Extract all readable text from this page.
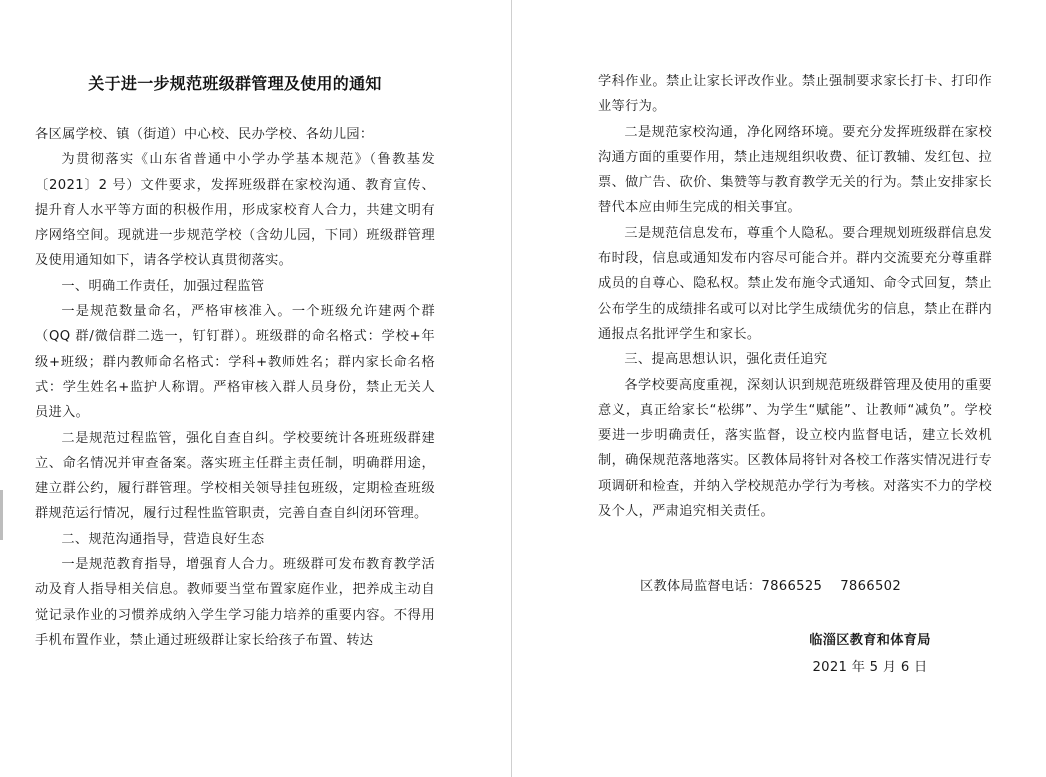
关于进一步规范班级群管理及使用的通知

各区属学校、镇（街道）中心校、民办学校、各幼儿园：

为贯彻落实《山东省普通中小学办学基本规范》（鲁教基发〔2021〕2 号）文件要求，发挥班级群在家校沟通、教育宣传、提升育人水平等方面的积极作用，形成家校育人合力，共建文明有序网络空间。现就进一步规范学校（含幼儿园，下同）班级群管理及使用通知如下，请各学校认真贯彻落实。

一、明确工作责任，加强过程监管

一是规范数量命名，严格审核准入。一个班级允许建两个群（QQ 群/微信群二选一，钉钉群）。班级群的命名格式：学校+年级+班级；群内教师命名格式：学科+教师姓名；群内家长命名格式：学生姓名+监护人称谓。严格审核入群人员身份，禁止无关人员进入。

二是规范过程监管，强化自查自纠。学校要统计各班班级群建立、命名情况并审查备案。落实班主任群主责任制，明确群用途，建立群公约，履行群管理。学校相关领导挂包班级，定期检查班级群规范运行情况，履行过程性监管职责，完善自查自纠闭环管理。

二、规范沟通指导，营造良好生态

一是规范教育指导，增强育人合力。班级群可发布教育教学活动及育人指导相关信息。教师要当堂布置家庭作业，把养成主动自觉记录作业的习惯养成纳入学生学习能力培养的重要内容。不得用手机布置作业，禁止通过班级群让家长给孩子布置、转达

学科作业。禁止让家长评改作业。禁止强制要求家长打卡、打印作业等行为。

二是规范家校沟通，净化网络环境。要充分发挥班级群在家校沟通方面的重要作用，禁止违规组织收费、征订教辅、发红包、拉票、做广告、砍价、集赞等与教育教学无关的行为。禁止安排家长替代本应由师生完成的相关事宜。

三是规范信息发布，尊重个人隐私。要合理规划班级群信息发布时段，信息或通知发布内容尽可能合并。群内交流要充分尊重群成员的自尊心、隐私权。禁止发布施令式通知、命令式回复，禁止公布学生的成绩排名或可以对比学生成绩优劣的信息，禁止在群内通报点名批评学生和家长。

三、提高思想认识，强化责任追究

各学校要高度重视，深刻认识到规范班级群管理及使用的重要意义，真正给家长“松绑”、为学生“赋能”、让教师“减负”。学校要进一步明确责任，落实监督，设立校内监督电话，建立长效机制，确保规范落地落实。区教体局将针对各校工作落实情况进行专项调研和检查，并纳入学校规范办学行为考核。对落实不力的学校及个人，严肃追究相关责任。

区教体局监督电话：7866525 7866502
临淄区教育和体育局
2021 年 5 月 6 日
